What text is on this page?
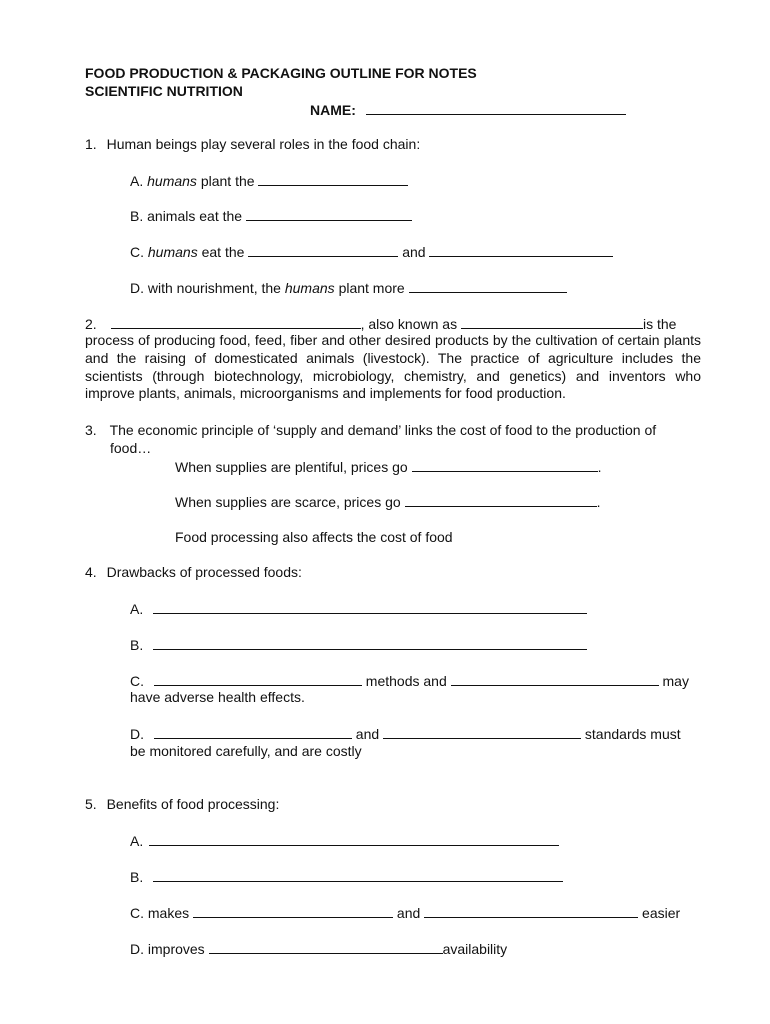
FOOD PRODUCTION & PACKAGING OUTLINE FOR NOTES
SCIENTIFIC NUTRITION
NAME:
1. Human beings play several roles in the food chain:
A. humans plant the
B. animals eat the
C. humans eat the	and
D. with nourishment, the humans plant more
2.	, also known as	is the
process of producing food, feed, fiber and other desired products by the cultivation of certain plants and the raising of domesticated animals (livestock). The practice of agriculture includes the scientists (through biotechnology, microbiology, chemistry, and genetics) and inventors who improve plants, animals, microorganisms and implements for food production.
3. The economic principle of ‘supply and demand’ links the cost of food to the production of
food…
When supplies are plentiful, prices go	.
When supplies are scarce, prices go	.
Food processing also affects the cost of food
4. Drawbacks of processed foods:
A.
B.
C.	methods and	may
have adverse health effects.
D.	and	standards must
be monitored carefully, and are costly
5. Benefits of food processing:
A.
B.
C. makes	and	easier
D. improves	availability
